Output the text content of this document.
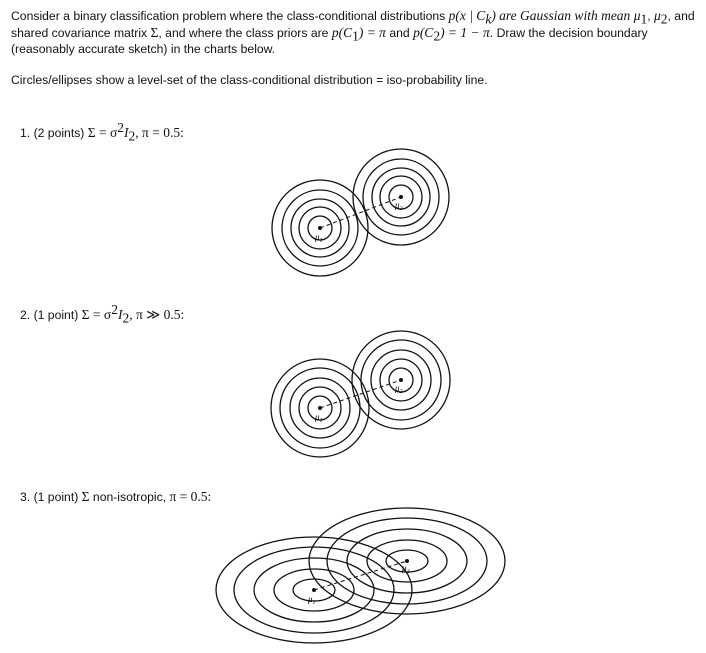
Consider a binary classification problem where the class-conditional distributions p(x | $C_k$) are Gaussian with mean $\mu_1$, $\mu_2$, and shared covariance matrix Σ, and where the class priors are $p(C_1) = \pi$ and $p(C_2) = 1 - \pi$. Draw the decision boundary (reasonably accurate sketch) in the charts below.

Circles/ellipses show a level-set of the class-conditional distribution = iso-probability line.

1. (2 points) $\Sigma = \sigma^2I_2$, π = 0.5:
2. (1 point) $\Sigma = \sigma^2I_2$, π ≫ 0.5:
3. (1 point) Σ non-isotropic, π = 0.5:
$\mu_1$
$\mu_2$
$\mu_1$
$\mu_2$
$\mu_1$
$\mu_2$
